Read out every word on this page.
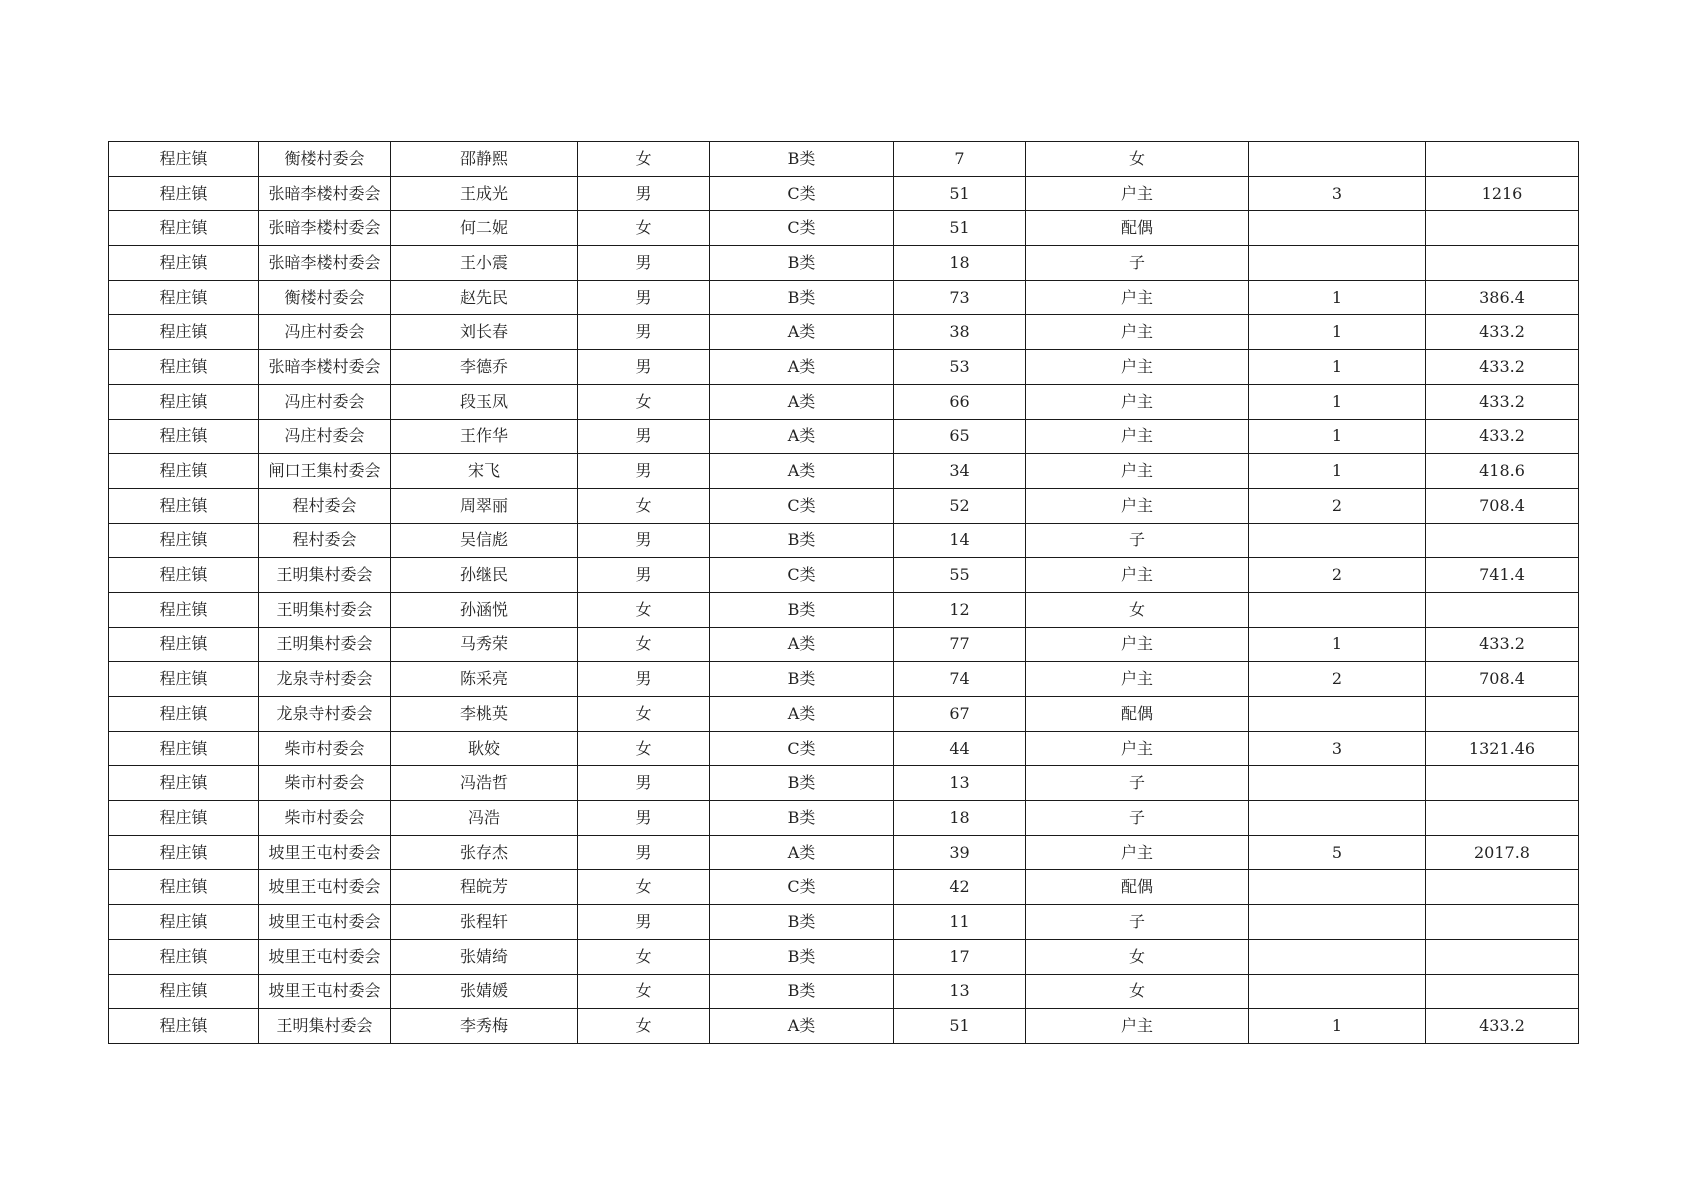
程庄镇	衡楼村委会	邵静熙	女	B类	7	女		
程庄镇	张暗李楼村委会	王成光	男	C类	51	户主	3	1216
程庄镇	张暗李楼村委会	何二妮	女	C类	51	配偶		
程庄镇	张暗李楼村委会	王小震	男	B类	18	子		
程庄镇	衡楼村委会	赵先民	男	B类	73	户主	1	386.4
程庄镇	冯庄村委会	刘长春	男	A类	38	户主	1	433.2
程庄镇	张暗李楼村委会	李德乔	男	A类	53	户主	1	433.2
程庄镇	冯庄村委会	段玉凤	女	A类	66	户主	1	433.2
程庄镇	冯庄村委会	王作华	男	A类	65	户主	1	433.2
程庄镇	闸口王集村委会	宋飞	男	A类	34	户主	1	418.6
程庄镇	程村委会	周翠丽	女	C类	52	户主	2	708.4
程庄镇	程村委会	吴信彪	男	B类	14	子		
程庄镇	王明集村委会	孙继民	男	C类	55	户主	2	741.4
程庄镇	王明集村委会	孙涵悦	女	B类	12	女		
程庄镇	王明集村委会	马秀荣	女	A类	77	户主	1	433.2
程庄镇	龙泉寺村委会	陈采亮	男	B类	74	户主	2	708.4
程庄镇	龙泉寺村委会	李桃英	女	A类	67	配偶		
程庄镇	柴市村委会	耿姣	女	C类	44	户主	3	1321.46
程庄镇	柴市村委会	冯浩哲	男	B类	13	子		
程庄镇	柴市村委会	冯浩	男	B类	18	子		
程庄镇	坡里王屯村委会	张存杰	男	A类	39	户主	5	2017.8
程庄镇	坡里王屯村委会	程皖芳	女	C类	42	配偶		
程庄镇	坡里王屯村委会	张程轩	男	B类	11	子		
程庄镇	坡里王屯村委会	张婧绮	女	B类	17	女		
程庄镇	坡里王屯村委会	张婧媛	女	B类	13	女		
程庄镇	王明集村委会	李秀梅	女	A类	51	户主	1	433.2
